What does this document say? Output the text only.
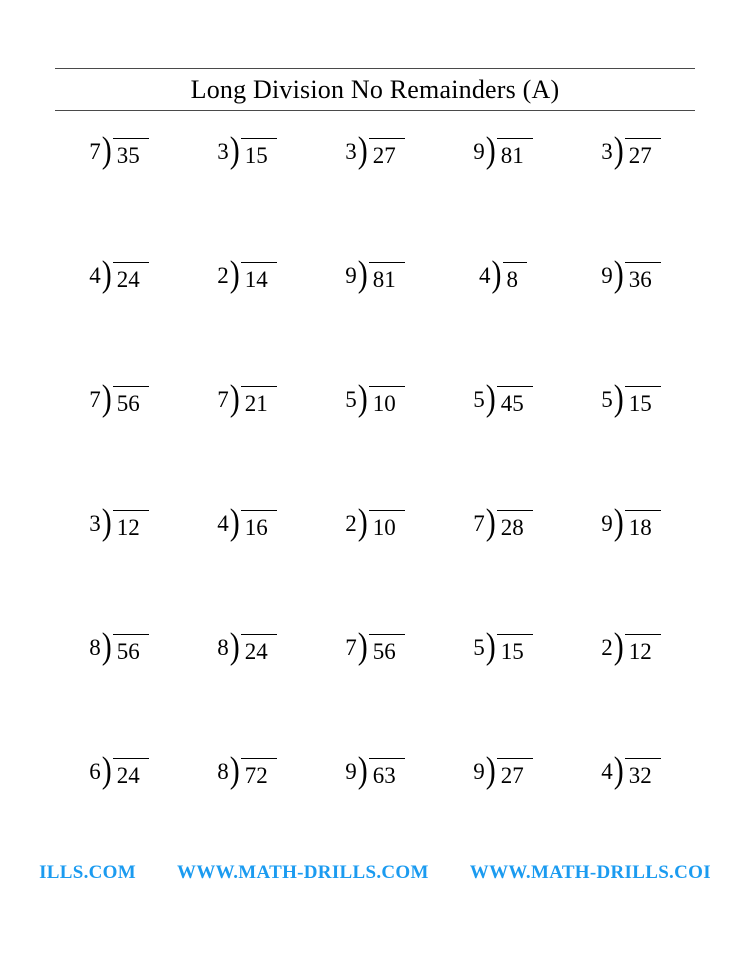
Long Division No Remainders (A)
7 ) 35	3 ) 15	3 ) 27	9 ) 81	3 ) 27
4 ) 24	2 ) 14	9 ) 81	4 ) 8	9 ) 36
7 ) 56	7 ) 21	5 ) 10	5 ) 45	5 ) 15
3 ) 12	4 ) 16	2 ) 10	7 ) 28	9 ) 18
8 ) 56	8 ) 24	7 ) 56	5 ) 15	2 ) 12
6 ) 24	8 ) 72	9 ) 63	9 ) 27	4 ) 32
ILLS.COM WWW.MATH-DRILLS.COM WWW.MATH-DRILLS.COI
